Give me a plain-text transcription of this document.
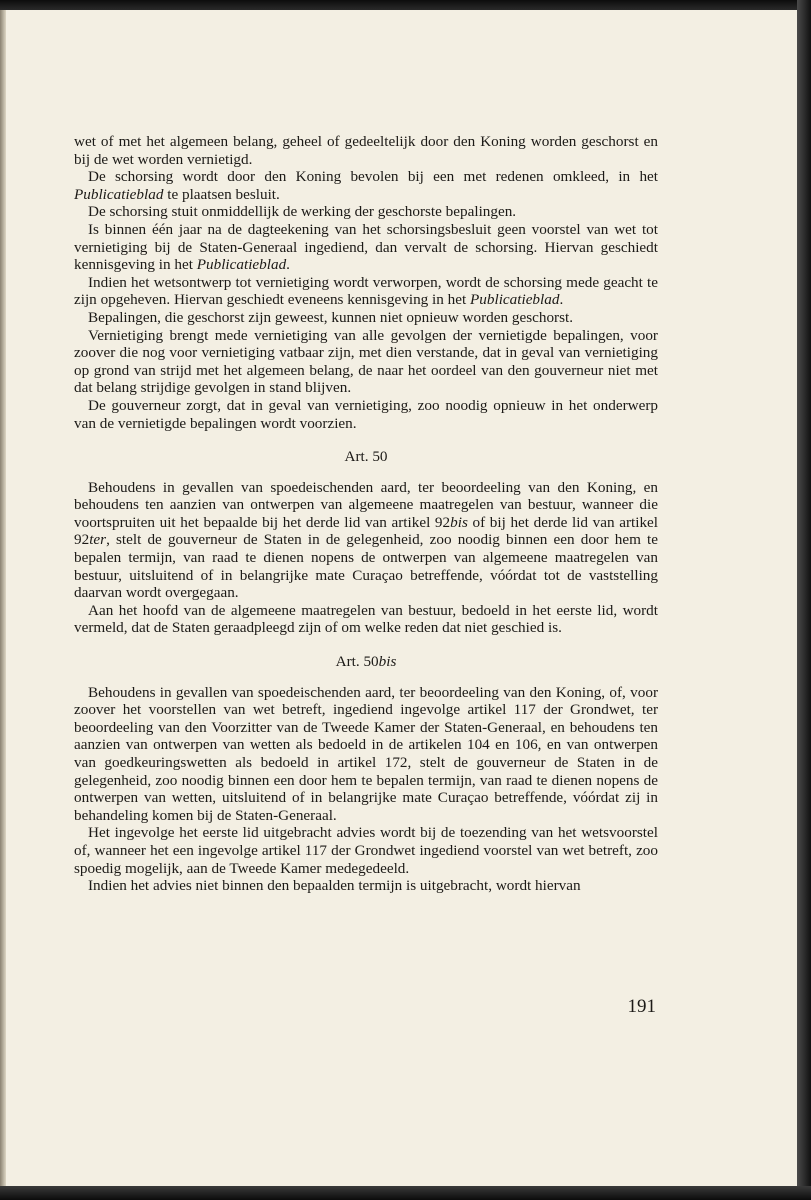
wet of met het algemeen belang, geheel of gedeeltelijk door den Koning worden geschorst en bij de wet worden vernietigd.

De schorsing wordt door den Koning bevolen bij een met redenen omkleed, in het Publicatieblad te plaatsen besluit.

De schorsing stuit onmiddellijk de werking der geschorste bepalingen.

Is binnen één jaar na de dagteekening van het schorsingsbesluit geen voorstel van wet tot vernietiging bij de Staten-Generaal ingediend, dan vervalt de schorsing. Hiervan geschiedt kennisgeving in het Publicatieblad.

Indien het wetsontwerp tot vernietiging wordt verworpen, wordt de schorsing mede geacht te zijn opgeheven. Hiervan geschiedt eveneens kennisgeving in het Publicatieblad.

Bepalingen, die geschorst zijn geweest, kunnen niet opnieuw worden geschorst.

Vernietiging brengt mede vernietiging van alle gevolgen der vernietigde bepalingen, voor zoover die nog voor vernietiging vatbaar zijn, met dien verstande, dat in geval van vernietiging op grond van strijd met het algemeen belang, de naar het oordeel van den gouverneur niet met dat belang strijdige gevolgen in stand blijven.

De gouverneur zorgt, dat in geval van vernietiging, zoo noodig opnieuw in het onderwerp van de vernietigde bepalingen wordt voorzien.

Art. 50

Behoudens in gevallen van spoedeischenden aard, ter beoordeeling van den Koning, en behoudens ten aanzien van ontwerpen van algemeene maatregelen van bestuur, wanneer die voortspruiten uit het bepaalde bij het derde lid van artikel 92bis of bij het derde lid van artikel 92ter, stelt de gouverneur de Staten in de gelegenheid, zoo noodig binnen een door hem te bepalen termijn, van raad te dienen nopens de ontwerpen van algemeene maatregelen van bestuur, uitsluitend of in belangrijke mate Curaçao betreffende, vóórdat tot de vaststelling daarvan wordt overgegaan.

Aan het hoofd van de algemeene maatregelen van bestuur, bedoeld in het eerste lid, wordt vermeld, dat de Staten geraadpleegd zijn of om welke reden dat niet geschied is.

Art. 50bis

Behoudens in gevallen van spoedeischenden aard, ter beoordeeling van den Koning, of, voor zoover het voorstellen van wet betreft, ingediend ingevolge artikel 117 der Grondwet, ter beoordeeling van den Voorzitter van de Tweede Kamer der Staten-Generaal, en behoudens ten aanzien van ontwerpen van wetten als bedoeld in de artikelen 104 en 106, en van ontwerpen van goedkeuringswetten als bedoeld in artikel 172, stelt de gouverneur de Staten in de gelegenheid, zoo noodig binnen een door hem te bepalen termijn, van raad te dienen nopens de ontwerpen van wetten, uitsluitend of in belangrijke mate Curaçao betreffende, vóórdat zij in behandeling komen bij de Staten-Generaal.

Het ingevolge het eerste lid uitgebracht advies wordt bij de toezending van het wetsvoorstel of, wanneer het een ingevolge artikel 117 der Grondwet ingediend voorstel van wet betreft, zoo spoedig mogelijk, aan de Tweede Kamer medegedeeld.

Indien het advies niet binnen den bepaalden termijn is uitgebracht, wordt hiervan

191
